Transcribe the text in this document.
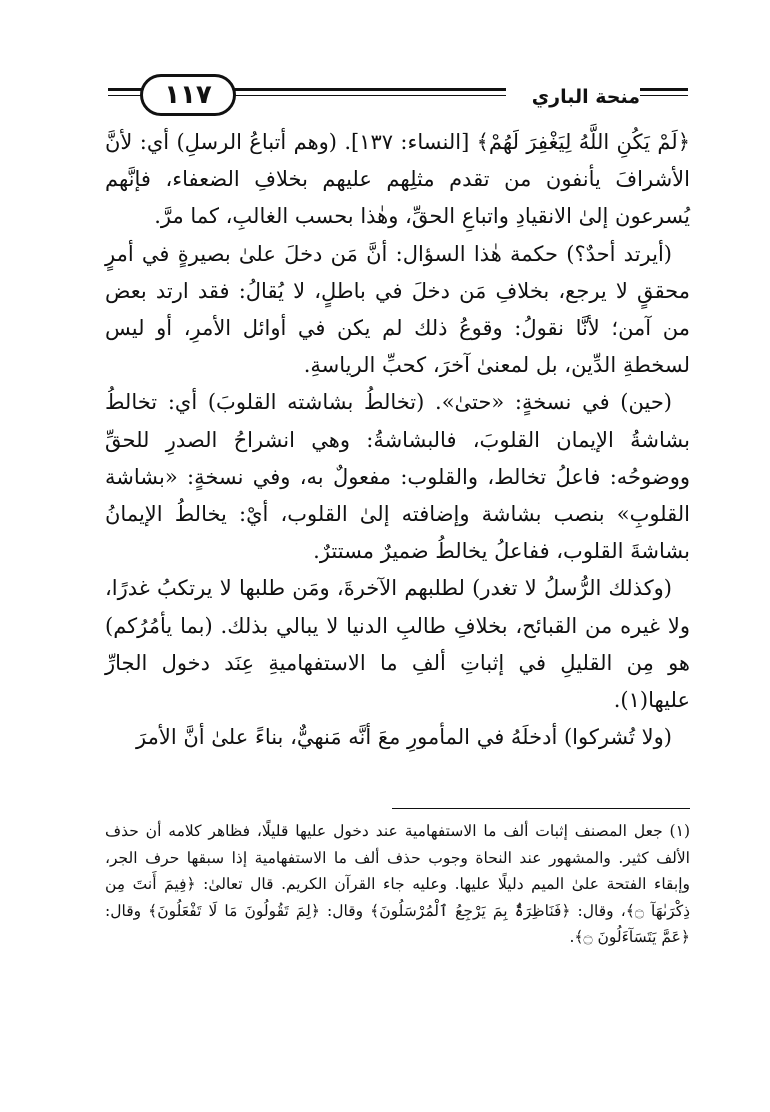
١١٧	منحة الباري

﴿لَمْ يَكُنِ اللَّهُ لِيَغْفِرَ لَهُمْ﴾ [النساء: ١٣٧]. (وهم أتباعُ الرسلِ) أي: لأنَّ الأشرافَ يأنفون من تقدم مثلِهم عليهم بخلافِ الضعفاء، فإنَّهم يُسرعون إلىٰ الانقيادِ واتباعِ الحقِّ، وهٰذا بحسب الغالبِ، كما مرَّ.

(أيرتد أحدٌ؟) حكمة هٰذا السؤال: أنَّ مَن دخلَ علىٰ بصيرةٍ في أمرٍ محققٍ لا يرجع، بخلافِ مَن دخلَ في باطلٍ، لا يُقالُ: فقد ارتد بعض من آمن؛ لأنَّا نقولُ: وقوعُ ذلك لم يكن في أوائل الأمرِ، أو ليس لسخطةِ الدِّين، بل لمعنىٰ آخرَ، كحبِّ الرياسةِ.

(حين) في نسخةٍ: «حتىٰ». (تخالطُ بشاشته القلوبَ) أي: تخالطُ بشاشةُ الإيمان القلوبَ، فالبشاشةُ: وهي انشراحُ الصدرِ للحقِّ ووضوحُه: فاعلُ تخالط، والقلوب: مفعولٌ به، وفي نسخةٍ: «بشاشة القلوبِ» بنصب بشاشة وإضافته إلىٰ القلوب، أيْ: يخالطُ الإيمانُ بشاشةَ القلوب، ففاعلُ يخالطُ ضميرٌ مستترٌ.

(وكذلك الرُّسلُ لا تغدر) لطلبهم الآخرةَ، ومَن طلبها لا يرتكبُ غدرًا، ولا غيره من القبائح، بخلافِ طالبِ الدنيا لا يبالي بذلك. (بما يأمُرُكم) هو مِن القليلِ في إثباتِ ألفِ ما الاستفهاميةِ عِنَد دخول الجارِّ عليها(١).

(ولا تُشركوا) أدخلَهُ في المأمورِ معَ أنَّه مَنهيٌّ، بناءً علىٰ أنَّ الأمرَ

(١) جعل المصنف إثبات ألف ما الاستفهامية عند دخول عليها قليلًا، فظاهر كلامه أن حذف الألف كثير. والمشهور عند النحاة وجوب حذف ألف ما الاستفهامية إذا سبقها حرف الجر، وإبقاء الفتحة علىٰ الميم دليلًا عليها. وعليه جاء القرآن الكريم. قال تعالىٰ: ﴿فِيمَ أَنتَ مِن ذِكْرَىٰهَآ ۝﴾، وقال: ﴿فَنَاظِرَةٌۢ بِمَ يَرْجِعُ ٱلْمُرْسَلُونَ﴾ وقال: ﴿لِمَ تَقُولُونَ مَا لَا تَفْعَلُونَ﴾ وقال: ﴿عَمَّ يَتَسَآءَلُونَ ۝﴾.
